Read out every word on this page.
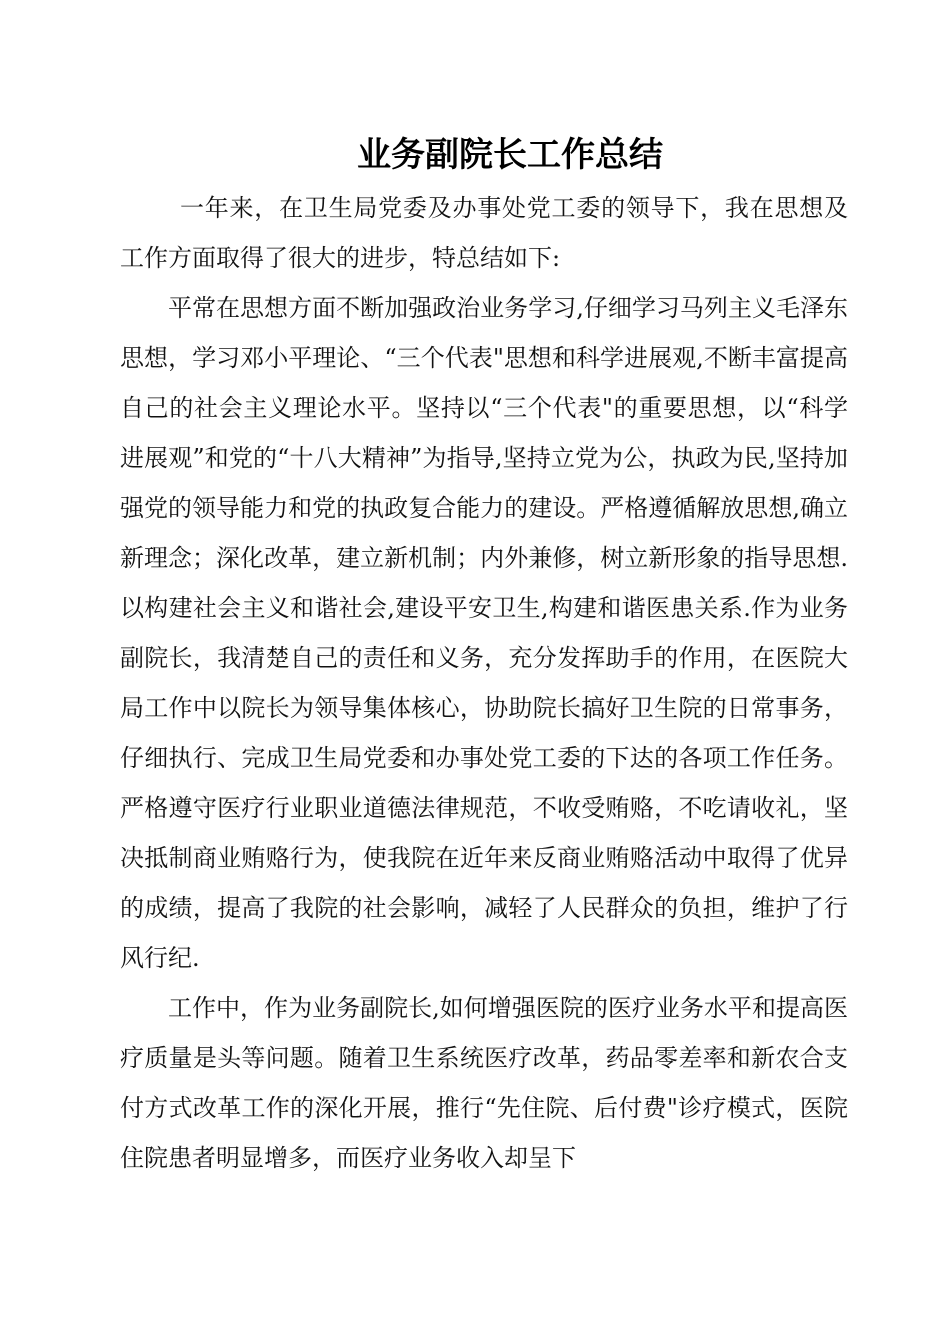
业务副院长工作总结

一年来，在卫生局党委及办事处党工委的领导下，我在思想及工作方面取得了很大的进步，特总结如下:

平常在思想方面不断加强政治业务学习,仔细学习马列主义毛泽东思想，学习邓小平理论、“三个代表"思想和科学进展观,不断丰富提高自己的社会主义理论水平。坚持以“三个代表"的重要思想，以“科学进展观”和党的“十八大精神”为指导,坚持立党为公，执政为民,坚持加强党的领导能力和党的执政复合能力的建设。严格遵循解放思想,确立新理念；深化改革，建立新机制；内外兼修，树立新形象的指导思想.以构建社会主义和谐社会,建设平安卫生,构建和谐医患关系.作为业务副院长，我清楚自己的责任和义务，充分发挥助手的作用，在医院大局工作中以院长为领导集体核心，协助院长搞好卫生院的日常事务，仔细执行、完成卫生局党委和办事处党工委的下达的各项工作任务。严格遵守医疗行业职业道德法律规范，不收受贿赂，不吃请收礼，坚决抵制商业贿赂行为，使我院在近年来反商业贿赂活动中取得了优异的成绩，提高了我院的社会影响，减轻了人民群众的负担，维护了行风行纪.

工作中，作为业务副院长,如何增强医院的医疗业务水平和提高医疗质量是头等问题。随着卫生系统医疗改革，药品零差率和新农合支付方式改革工作的深化开展，推行“先住院、后付费"诊疗模式，医院住院患者明显增多，而医疗业务收入却呈下
